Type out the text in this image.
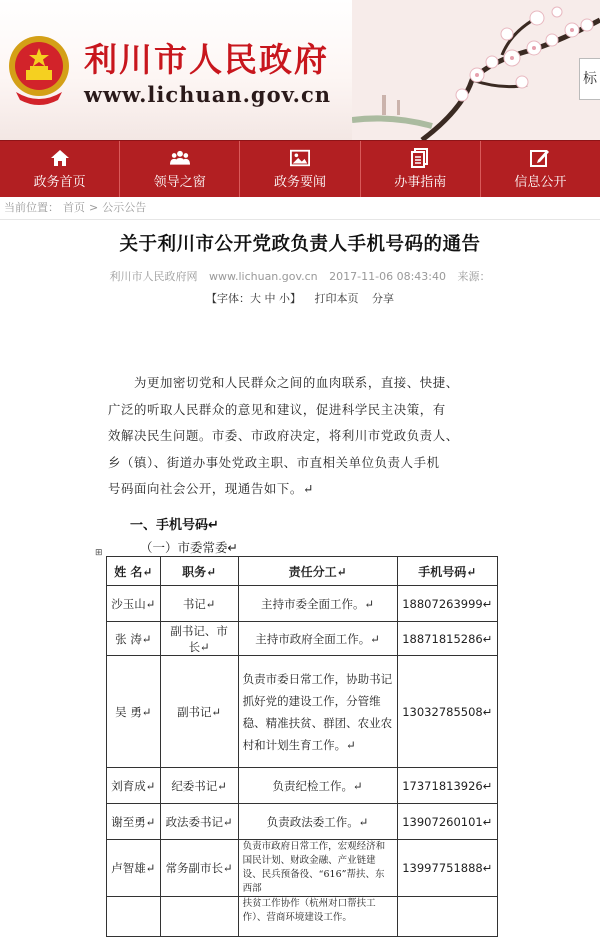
利川市人民政府
www.lichuan.gov.cn
标
政务首页	领导之窗	政务要闻	办事指南	信息公开
当前位置： 首页 > 公示公告
关于利川市公开党政负责人手机号码的通告
利川市人民政府网 www.lichuan.gov.cn 2017-11-06 08:43:40 来源：
【字体：大 中 小】 打印本页 分享

为更加密切党和人民群众之间的血肉联系，直接、快捷、

广泛的听取人民群众的意见和建议，促进科学民主决策，有

效解决民生问题。市委、市政府决定，将利川市党政负责人、

乡（镇）、街道办事处党政主职、市直相关单位负责人手机

号码面向社会公开，现通告如下。↵

一、手机号码↵
（一）市委常委↵
⊞
姓 名↵	职务↵	责任分工↵	手机号码↵
沙玉山↵	书记↵	主持市委全面工作。↵	18807263999↵
张 涛↵	副书记、市长↵	主持市政府全面工作。↵	18871815286↵
吴 勇↵	副书记↵	负责市委日常工作，协助书记抓好党的建设工作，分管维稳、精准扶贫、群团、农业农村和计划生育工作。↵	13032785508↵
刘育成↵	纪委书记↵	负责纪检工作。↵	17371813926↵
谢至勇↵	政法委书记↵	负责政法委工作。↵	13907260101↵
卢智雄↵	常务副市长↵	负责市政府日常工作，宏观经济和国民计划、财政金融、产业链建设、民兵预备役、“616”帮扶、东西部	13997751888↵
		扶贫工作协作（杭州对口帮扶工作）、营商环境建设工作。	
